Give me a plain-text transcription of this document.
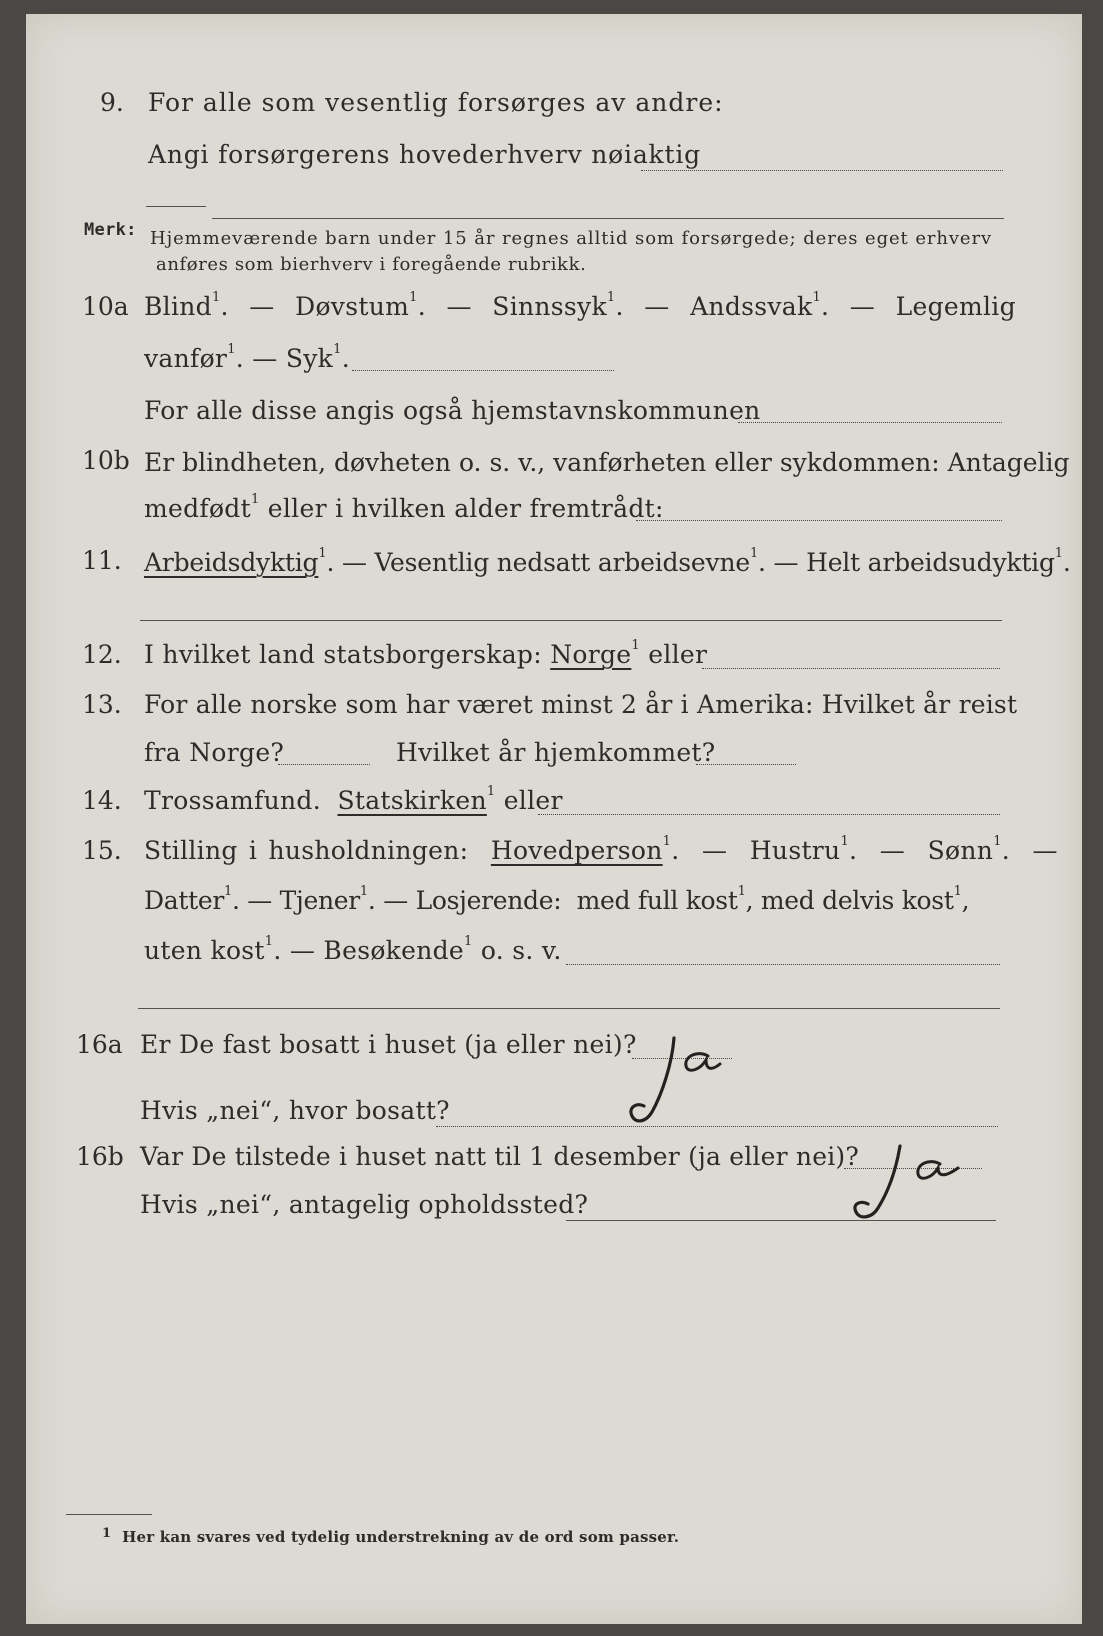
9. For alle som vesentlig forsørges av andre:
Angi forsørgerens hovederhverv nøiaktig
Merk: Hjemmeværende barn under 15 år regnes alltid som forsørgede; deres eget erhverv
anføres som bierhverv i foregående rubrikk.
10a Blind$^1$.  — Døvstum$^1$.  — Sinnssyk$^1$.  — Andssvak$^1$.  — Legemlig
vanfør$^1$. — Syk$^1$.
For alle disse angis også hjemstavnskommunen
10b Er blindheten, døvheten o. s. v., vanførheten eller sykdommen: Antagelig
medfødt$^1$ eller i hvilken alder fremtrådt:
11. Arbeidsdyktig$^1$. — Vesentlig nedsatt arbeidsevne$^1$. — Helt arbeidsudyktig$^1$.
12. I hvilket land statsborgerskap: Norge$^1$ eller
13. For alle norske som har været minst 2 år i Amerika: Hvilket år reist
fra Norge?	Hvilket år hjemkommet?
14. Trossamfund. Statskirken$^1$ eller
15. Stilling i husholdningen: Hovedperson$^1$.  — Hustru$^1$.  — Sønn$^1$.  —
Datter$^1$. — Tjener$^1$. — Losjerende: med full kost$^1$, med delvis kost$^1$,
uten kost$^1$. — Besøkende$^1$ o. s. v.
16a Er De fast bosatt i huset (ja eller nei)?
ja
Hvis „nei“, hvor bosatt?
16b Var De tilstede i huset natt til 1 desember (ja eller nei)?	ja
Hvis „nei“, antagelig opholdssted?
$^1$ Her kan svares ved tydelig understrekning av de ord som passer.
